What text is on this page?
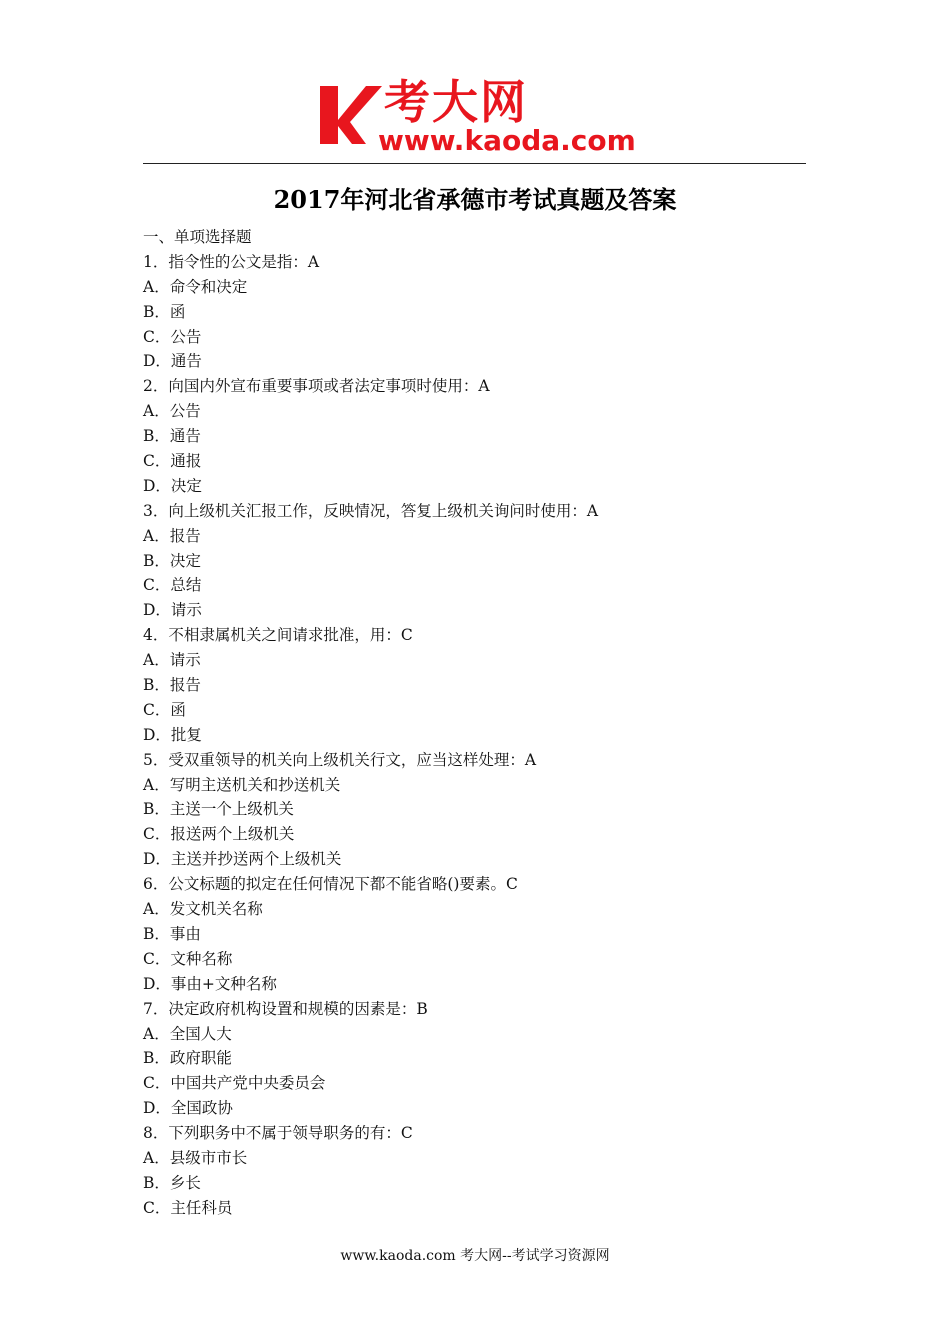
考大网
www.kaoda.com
2017年河北省承德市考试真题及答案
一、单项选择题
1．指令性的公文是指：A
A．命令和决定
B．函
C．公告
D．通告
2．向国内外宣布重要事项或者法定事项时使用：A
A．公告
B．通告
C．通报
D．决定
3．向上级机关汇报工作，反映情况，答复上级机关询问时使用：A
A．报告
B．决定
C．总结
D．请示
4．不相隶属机关之间请求批准，用：C
A．请示
B．报告
C．函
D．批复
5．受双重领导的机关向上级机关行文，应当这样处理：A
A．写明主送机关和抄送机关
B．主送一个上级机关
C．报送两个上级机关
D．主送并抄送两个上级机关
6．公文标题的拟定在任何情况下都不能省略()要素。C
A．发文机关名称
B．事由
C．文种名称
D．事由+文种名称
7．决定政府机构设置和规模的因素是：B
A．全国人大
B．政府职能
C．中国共产党中央委员会
D．全国政协
8．下列职务中不属于领导职务的有：C
A．县级市市长
B．乡长
C．主任科员
www.kaoda.com 考大网--考试学习资源网
